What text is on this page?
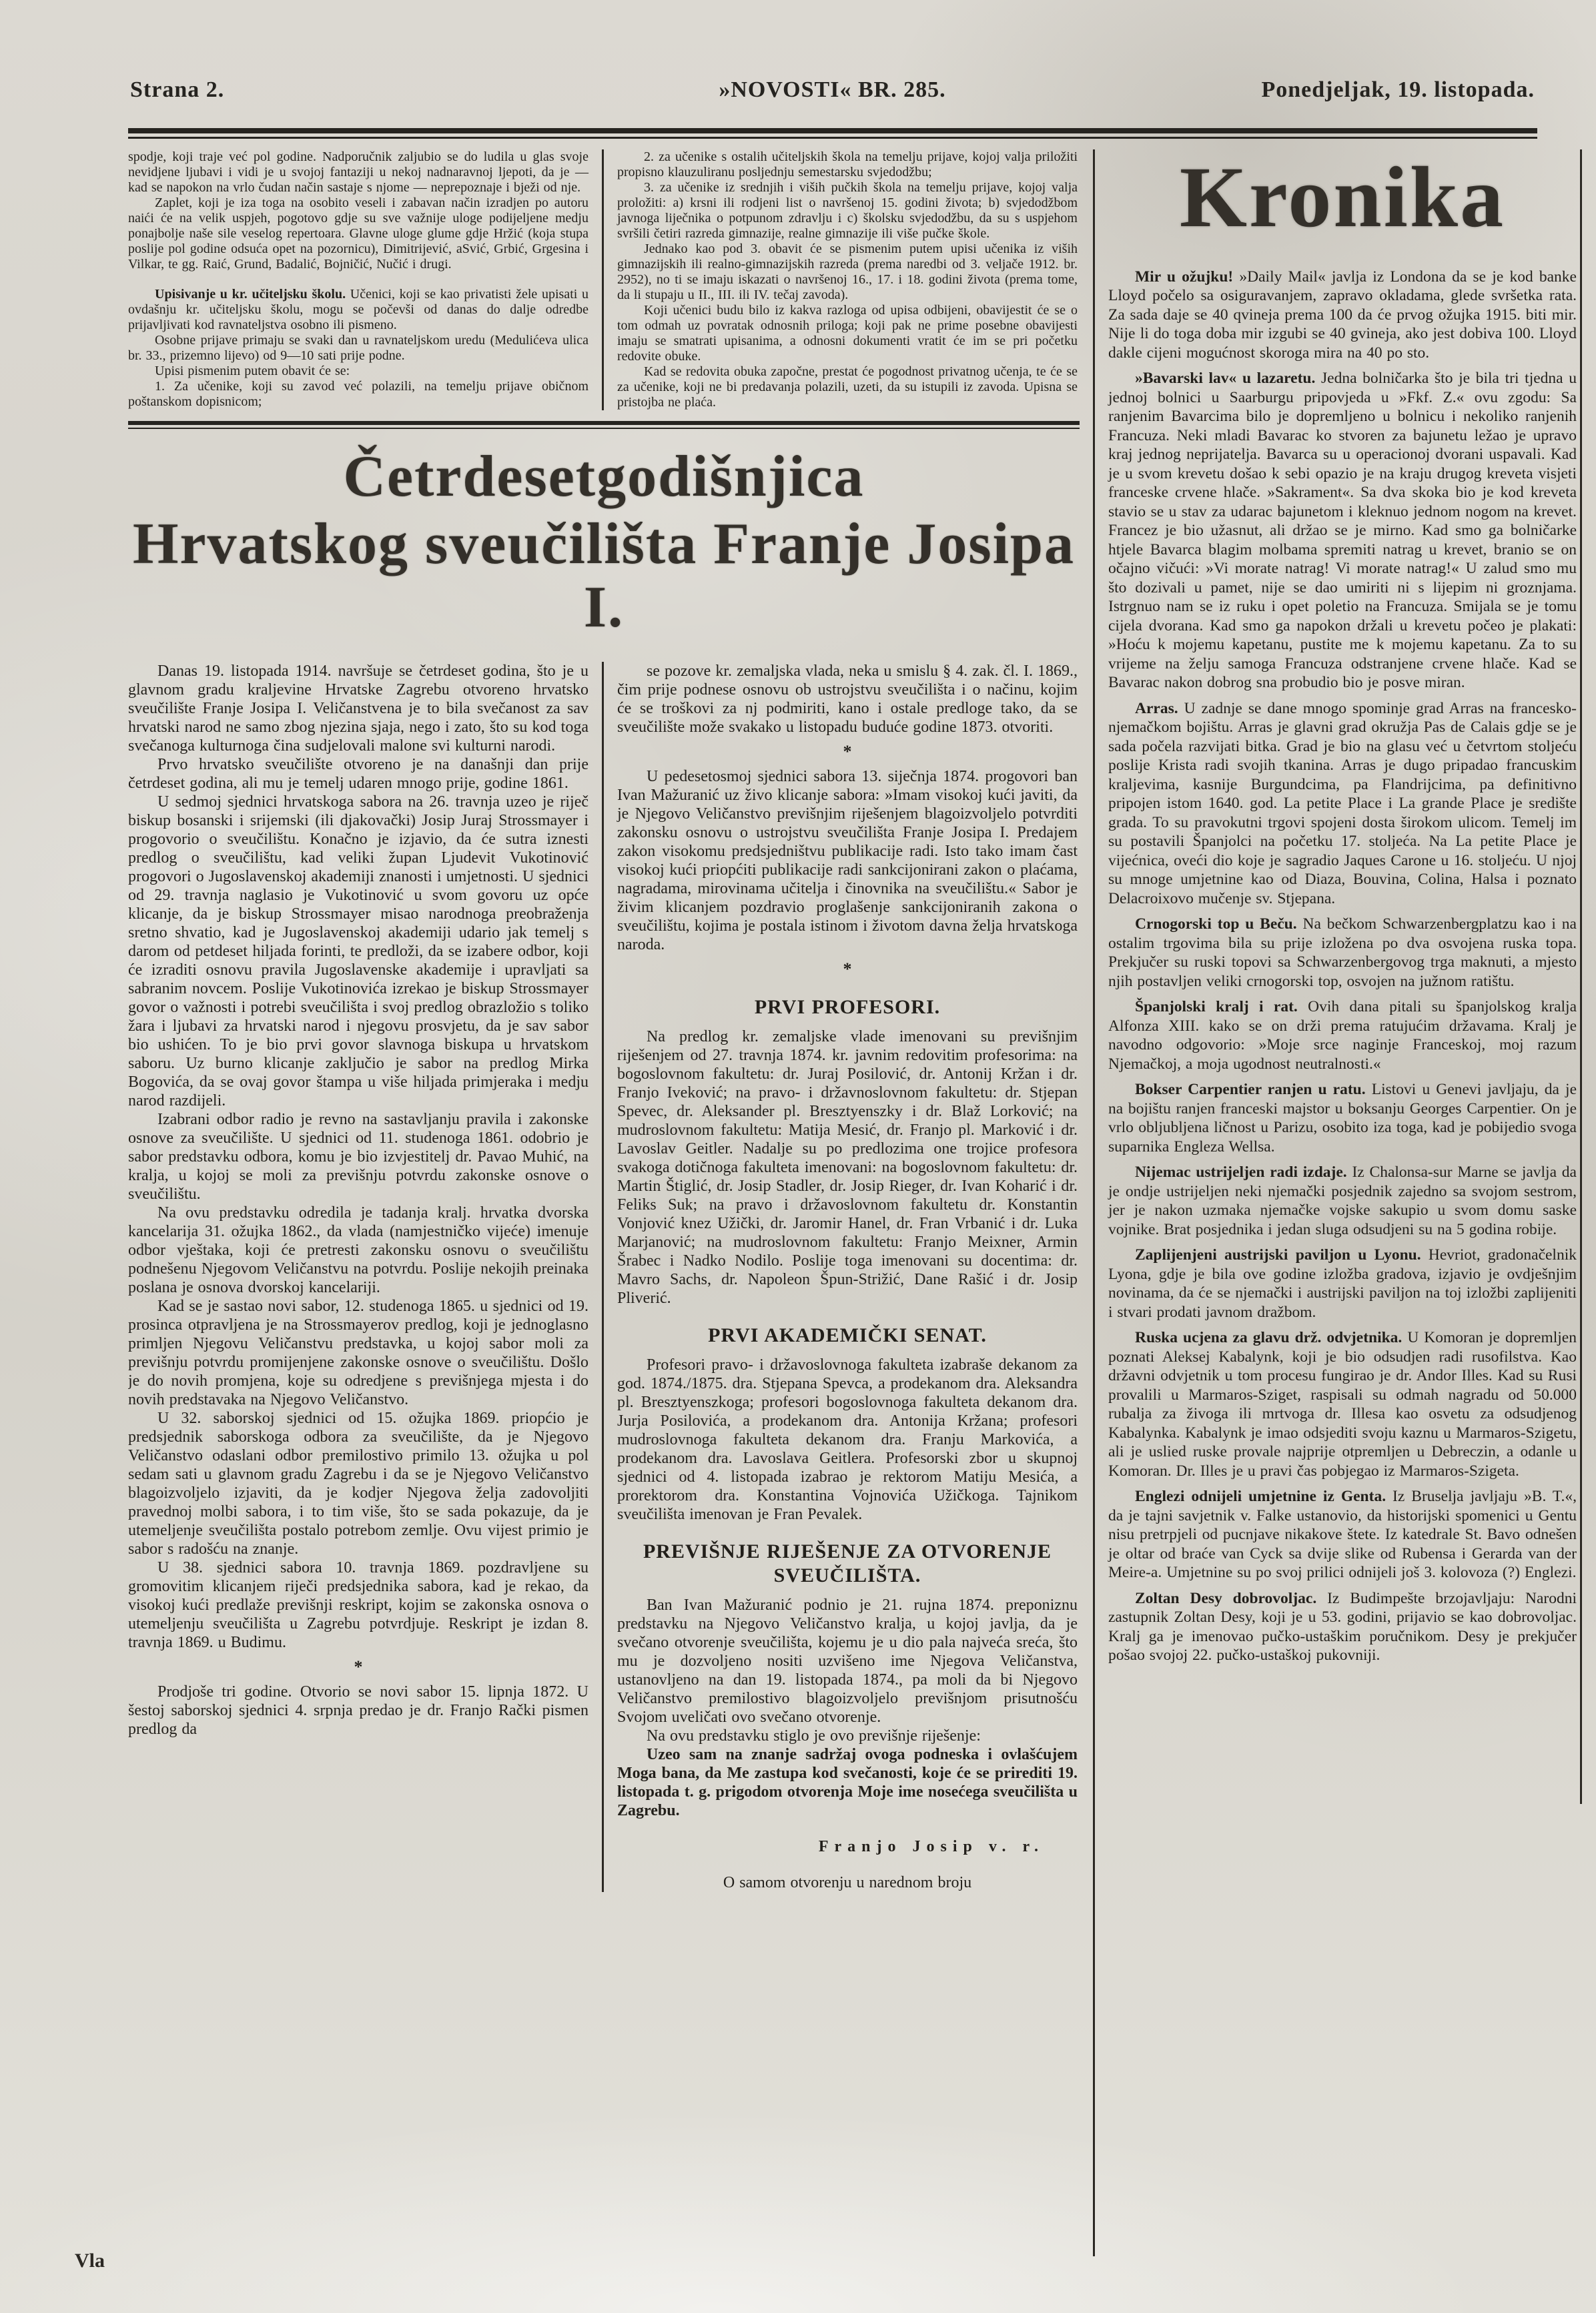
Strana 2.	»NOVOSTI« BR. 285.	Ponedjeljak, 19. listopada.

spodje, koji traje već pol godine. Nadporučnik zaljubio se do ludila u glas svoje nevidjene ljubavi i vidi je u svojoj fantaziji u nekoj nadnaravnoj ljepoti, da je — kad se napokon na vrlo čudan način sastaje s njome — neprepoznaje i bježi od nje.

Zaplet, koji je iza toga na osobito veseli i zabavan način izradjen po autoru naići će na velik uspjeh, pogotovo gdje su sve važnije uloge podijeljene medju ponajbolje naše sile veselog repertoara. Glavne uloge glume gdje Hržić (koja stupa poslije pol godine odsuća opet na pozornicu), Dimitrijević, aSvić, Grbić, Grgesina i Vilkar, te gg. Raić, Grund, Badalić, Bojničić, Nučić i drugi.

Upisivanje u kr. učiteljsku školu. Učenici, koji se kao privatisti žele upisati u ovdašnju kr. učiteljsku školu, mogu se počevši od danas do dalje odredbe prijavljivati kod ravnateljstva osobno ili pismeno.

Osobne prijave primaju se svaki dan u ravnateljskom uredu (Medulićeva ulica br. 33., prizemno lijevo) od 9—10 sati prije podne.

Upisi pismenim putem obavit će se:

1. Za učenike, koji su zavod već polazili, na temelju prijave običnom poštanskom dopisnicom;

2. za učenike s ostalih učiteljskih škola na temelju prijave, kojoj valja priložiti propisno klauzuliranu posljednju semestarsku svjedodžbu;

3. za učenike iz srednjih i viših pučkih škola na temelju prijave, kojoj valja proložiti: a) krsni ili rodjeni list o navršenoj 15. godini života; b) svjedodžbom javnoga liječnika o potpunom zdravlju i c) školsku svjedodžbu, da su s uspjehom svršili četiri razreda gimnazije, realne gimnazije ili više pučke škole.

Jednako kao pod 3. obavit će se pismenim putem upisi učenika iz viših gimnazijskih ili realno-gimnazijskih razreda (prema naredbi od 3. veljače 1912. br. 2952), no ti se imaju iskazati o navršenoj 16., 17. i 18. godini života (prema tome, da li stupaju u II., III. ili IV. tečaj zavoda).

Koji učenici budu bilo iz kakva razloga od upisa odbijeni, obavijestit će se o tom odmah uz povratak odnosnih priloga; koji pak ne prime posebne obavijesti imaju se smatrati upisanima, a odnosni dokumenti vratit će im se pri početku redovite obuke.

Kad se redovita obuka započne, prestat će pogodnost privatnog učenja, te će se za učenike, koji ne bi predavanja polazili, uzeti, da su istupili iz zavoda. Upisna se pristojba ne plaća.

Četrdesetgodišnjica
Hrvatskog sveučilišta Franje Josipa I.

Danas 19. listopada 1914. navršuje se četrdeset godina, što je u glavnom gradu kraljevine Hrvatske Zagrebu otvoreno hrvatsko sveučilište Franje Josipa I. Veličanstvena je to bila svečanost za sav hrvatski narod ne samo zbog njezina sjaja, nego i zato, što su kod toga svečanoga kulturnoga čina sudjelovali malone svi kulturni narodi.

Prvo hrvatsko sveučilište otvoreno je na današnji dan prije četrdeset godina, ali mu je temelj udaren mnogo prije, godine 1861.

U sedmoj sjednici hrvatskoga sabora na 26. travnja uzeo je riječ biskup bosanski i srijemski (ili djakovački) Josip Juraj Strossmayer i progovorio o sveučilištu. Konačno je izjavio, da će sutra iznesti predlog o sveučilištu, kad veliki župan Ljudevit Vukotinović progovori o Jugoslavenskoj akademiji znanosti i umjetnosti. U sjednici od 29. travnja naglasio je Vukotinović u svom govoru uz opće klicanje, da je biskup Strossmayer misao narodnoga preobraženja sretno shvatio, kad je Jugoslavenskoj akademiji udario jak temelj s darom od petdeset hiljada forinti, te predloži, da se izabere odbor, koji će izraditi osnovu pravila Jugoslavenske akademije i upravljati sa sabranim novcem. Poslije Vukotinovića izrekao je biskup Strossmayer govor o važnosti i potrebi sveučilišta i svoj predlog obrazložio s toliko žara i ljubavi za hrvatski narod i njegovu prosvjetu, da je sav sabor bio ushićen. To je bio prvi govor slavnoga biskupa u hrvatskom saboru. Uz burno klicanje zaključio je sabor na predlog Mirka Bogovića, da se ovaj govor štampa u više hiljada primjeraka i medju narod razdijeli.

Izabrani odbor radio je revno na sastavljanju pravila i zakonske osnove za sveučilište. U sjednici od 11. studenoga 1861. odobrio je sabor predstavku odbora, komu je bio izvjestitelj dr. Pavao Muhić, na kralja, u kojoj se moli za previšnju potvrdu zakonske osnove o sveučilištu.

Na ovu predstavku odredila je tadanja kralj. hrvatka dvorska kancelarija 31. ožujka 1862., da vlada (namjestničko vijeće) imenuje odbor vještaka, koji će pretresti zakonsku osnovu o sveučilištu podnešenu Njegovom Veličanstvu na potvrdu. Poslije nekojih preinaka poslana je osnova dvorskoj kancelariji.

Kad se je sastao novi sabor, 12. studenoga 1865. u sjednici od 19. prosinca otpravljena je na Strossmayerov predlog, koji je jednoglasno primljen Njegovu Veličanstvu predstavka, u kojoj sabor moli za previšnju potvrdu promijenjene zakonske osnove o sveučilištu. Došlo je do novih promjena, koje su odredjene s previšnjega mjesta i do novih predstavaka na Njegovo Veličanstvo.

U 32. saborskoj sjednici od 15. ožujka 1869. priopćio je predsjednik saborskoga odbora za sveučilište, da je Njegovo Veličanstvo odaslani odbor premilostivo primilo 13. ožujka u pol sedam sati u glavnom gradu Zagrebu i da se je Njegovo Veličanstvo blagoizvoljelo izjaviti, da je kodjer Njegova želja zadovoljiti pravednoj molbi sabora, i to tim više, što se sada pokazuje, da je utemeljenje sveučilišta postalo potrebom zemlje. Ovu vijest primio je sabor s radošću na znanje.

U 38. sjednici sabora 10. travnja 1869. pozdravljene su gromovitim klicanjem riječi predsjednika sabora, kad je rekao, da visokoj kući predlaže previšnji reskript, kojim se zakonska osnova o utemeljenju sveučilišta u Zagrebu potvrdjuje. Reskript je izdan 8. travnja 1869. u Budimu.

*

Prodjoše tri godine. Otvorio se novi sabor 15. lipnja 1872. U šestoj saborskoj sjednici 4. srpnja predao je dr. Franjo Rački pismen predlog da

se pozove kr. zemaljska vlada, neka u smislu § 4. zak. čl. I. 1869., čim prije podnese osnovu ob ustrojstvu sveučilišta i o načinu, kojim će se troškovi za nj podmiriti, kano i ostale predloge tako, da se sveučilište može svakako u listopadu buduće godine 1873. otvoriti.

*

U pedesetosmoj sjednici sabora 13. siječnja 1874. progovori ban Ivan Mažuranić uz živo klicanje sabora: »Imam visokoj kući javiti, da je Njegovo Veličanstvo previšnjim riješenjem blagoizvoljelo potvrditi zakonsku osnovu o ustrojstvu sveučilišta Franje Josipa I. Predajem zakon visokomu predsjedništvu publikacije radi. Isto tako imam čast visokoj kući priopćiti publikacije radi sankcijonirani zakon o plaćama, nagradama, mirovinama učitelja i činovnika na sveučilištu.« Sabor je živim klicanjem pozdravio proglašenje sankcijoniranih zakona o sveučilištu, kojima je postala istinom i životom davna želja hrvatskoga naroda.

*

PRVI PROFESORI.

Na predlog kr. zemaljske vlade imenovani su previšnjim riješenjem od 27. travnja 1874. kr. javnim redovitim profesorima: na bogoslovnom fakultetu: dr. Juraj Posilović, dr. Antonij Kržan i dr. Franjo Iveković; na pravo- i državnoslovnom fakultetu: dr. Stjepan Spevec, dr. Aleksander pl. Bresztyenszky i dr. Blaž Lorković; na mudroslovnom fakultetu: Matija Mesić, dr. Franjo pl. Marković i dr. Lavoslav Geitler. Nadalje su po predlozima one trojice profesora svakoga dotičnoga fakulteta imenovani: na bogoslovnom fakultetu: dr. Martin Štiglić, dr. Josip Stadler, dr. Josip Rieger, dr. Ivan Koharić i dr. Feliks Suk; na pravo i državoslovnom fakultetu dr. Konstantin Vonjović knez Užički, dr. Jaromir Hanel, dr. Fran Vrbanić i dr. Luka Marjanović; na mudroslovnom fakultetu: Franjo Meixner, Armin Šrabec i Nadko Nodilo. Poslije toga imenovani su docentima: dr. Mavro Sachs, dr. Napoleon Špun-Strižić, Dane Rašić i dr. Josip Pliverić.

PRVI AKADEMIČKI SENAT.

Profesori pravo- i državoslovnoga fakulteta izabraše dekanom za god. 1874./1875. dra. Stjepana Spevca, a prodekanom dra. Aleksandra pl. Bresztyenszkoga; profesori bogoslovnoga fakulteta dekanom dra. Jurja Posilovića, a prodekanom dra. Antonija Kržana; profesori mudroslovnoga fakulteta dekanom dra. Franju Markovića, a prodekanom dra. Lavoslava Geitlera. Profesorski zbor u skupnoj sjednici od 4. listopada izabrao je rektorom Matiju Mesića, a prorektorom dra. Konstantina Vojnovića Užičkoga. Tajnikom sveučilišta imenovan je Fran Pevalek.

PREVIŠNJE RIJEŠENJE ZA OTVORENJE SVEUČILIŠTA.

Ban Ivan Mažuranić podnio je 21. rujna 1874. preponiznu predstavku na Njegovo Veličanstvo kralja, u kojoj javlja, da je svečano otvorenje sveučilišta, kojemu je u dio pala najveća sreća, što mu je dozvoljeno nositi uzvišeno ime Njegova Veličanstva, ustanovljeno na dan 19. listopada 1874., pa moli da bi Njegovo Veličanstvo premilostivo blagoizvoljelo previšnjom prisutnošću Svojom uveličati ovo svečano otvorenje.

Na ovu predstavku stiglo je ovo previšnje riješenje:

Uzeo sam na znanje sadržaj ovoga podneska i ovlašćujem Moga bana, da Me zastupa kod svečanosti, koje će se prirediti 19. listopada t. g. prigodom otvorenja Moje ime nosećega sveučilišta u Zagrebu.

Franjo Josip v. r.

O samom otvorenju u narednom broju

Kronika

Mir u ožujku! »Daily Mail« javlja iz Londona da se je kod banke Lloyd počelo sa osiguravanjem, zapravo okladama, glede svršetka rata. Za sada daje se 40 qvineja prema 100 da će prvog ožujka 1915. biti mir. Nije li do toga doba mir izgubi se 40 gvineja, ako jest dobiva 100. Lloyd dakle cijeni mogućnost skoroga mira na 40 po sto.

»Bavarski lav« u lazaretu. Jedna bolničarka što je bila tri tjedna u jednoj bolnici u Saarburgu pripovjeda u »Fkf. Z.« ovu zgodu: Sa ranjenim Bavarcima bilo je dopremljeno u bolnicu i nekoliko ranjenih Francuza. Neki mladi Bavarac ko stvoren za bajunetu ležao je upravo kraj jednog neprijatelja. Bavarca su u operacionoj dvorani uspavali. Kad je u svom krevetu došao k sebi opazio je na kraju drugog kreveta visjeti franceske crvene hlače. »Sakrament«. Sa dva skoka bio je kod kreveta stavio se u stav za udarac bajunetom i kleknuo jednom nogom na krevet. Francez je bio užasnut, ali držao se je mirno. Kad smo ga bolničarke htjele Bavarca blagim molbama spremiti natrag u krevet, branio se on očajno vičući: »Vi morate natrag! Vi morate natrag!« U zalud smo mu što dozivali u pamet, nije se dao umiriti ni s lijepim ni groznjama. Istrgnuo nam se iz ruku i opet poletio na Francuza. Smijala se je tomu cijela dvorana. Kad smo ga napokon držali u krevetu počeo je plakati: »Hoću k mojemu kapetanu, pustite me k mojemu kapetanu. Za to su vrijeme na želju samoga Francuza odstranjene crvene hlače. Kad se Bavarac nakon dobrog sna probudio bio je posve miran.

Arras. U zadnje se dane mnogo spominje grad Arras na francesko-njemačkom bojištu. Arras je glavni grad okružja Pas de Calais gdje se je sada počela razvijati bitka. Grad je bio na glasu već u četvrtom stoljeću poslije Krista radi svojih tkanina. Arras je dugo pripadao francuskim kraljevima, kasnije Burgundcima, pa Flandrijcima, pa definitivno pripojen istom 1640. god. La petite Place i La grande Place je središte grada. To su pravokutni trgovi spojeni dosta širokom ulicom. Temelj im su postavili Španjolci na početku 17. stoljeća. Na La petite Place je vijećnica, oveći dio koje je sagradio Jaques Carone u 16. stoljeću. U njoj su mnoge umjetnine kao od Diaza, Bouvina, Colina, Halsa i poznato Delacroixovo mučenje sv. Stjepana.

Crnogorski top u Beču. Na bečkom Schwarzenbergplatzu kao i na ostalim trgovima bila su prije izložena po dva osvojena ruska topa. Prekjučer su ruski topovi sa Schwarzenbergovog trga maknuti, a mjesto njih postavljen veliki crnogorski top, osvojen na južnom ratištu.

Španjolski kralj i rat. Ovih dana pitali su španjolskog kralja Alfonza XIII. kako se on drži prema ratujućim državama. Kralj je navodno odgovorio: »Moje srce naginje Franceskoj, moj razum Njemačkoj, a moja ugodnost neutralnosti.«

Bokser Carpentier ranjen u ratu. Listovi u Genevi javljaju, da je na bojištu ranjen franceski majstor u boksanju Georges Carpentier. On je vrlo obljubljena ličnost u Parizu, osobito iza toga, kad je pobijedio svoga suparnika Engleza Wellsa.

Nijemac ustrijeljen radi izdaje. Iz Chalonsa-sur Marne se javlja da je ondje ustrijeljen neki njemački posjednik zajedno sa svojom sestrom, jer je nakon uzmaka njemačke vojske sakupio u svom domu saske vojnike. Brat posjednika i jedan sluga odsudjeni su na 5 godina robije.

Zaplijenjeni austrijski paviljon u Lyonu. Hevriot, gradonačelnik Lyona, gdje je bila ove godine izložba gradova, izjavio je ovdješnjim novinama, da će se njemački i austrijski paviljon na toj izložbi zaplijeniti i stvari prodati javnom dražbom.

Ruska ucjena za glavu drž. odvjetnika. U Komoran je dopremljen poznati Aleksej Kabalynk, koji je bio odsudjen radi rusofilstva. Kao državni odvjetnik u tom procesu fungirao je dr. Andor Illes. Kad su Rusi provalili u Marmaros-Sziget, raspisali su odmah nagradu od 50.000 rubalja za živoga ili mrtvoga dr. Illesa kao osvetu za odsudjenog Kabalynka. Kabalynk je imao odsjediti svoju kaznu u Marmaros-Szigetu, ali je uslied ruske provale najprije otpremljen u Debreczin, a odanle u Komoran. Dr. Illes je u pravi čas pobjegao iz Marmaros-Szigeta.

Englezi odnijeli umjetnine iz Genta. Iz Bruselja javljaju »B. T.«, da je tajni savjetnik v. Falke ustanovio, da historijski spomenici u Gentu nisu pretrpjeli od pucnjave nikakove štete. Iz katedrale St. Bavo odnešen je oltar od braće van Cyck sa dvije slike od Rubensa i Gerarda van der Meire-a. Umjetnine su po svoj prilici odnijeli još 3. kolovoza (?) Englezi.

Zoltan Desy dobrovoljac. Iz Budimpešte brzojavljaju: Narodni zastupnik Zoltan Desy, koji je u 53. godini, prijavio se kao dobrovoljac. Kralj ga je imenovao pučko-ustaškim poručnikom. Desy je prekjučer pošao svojoj 22. pučko-ustaškoj pukovniji.

Vla
